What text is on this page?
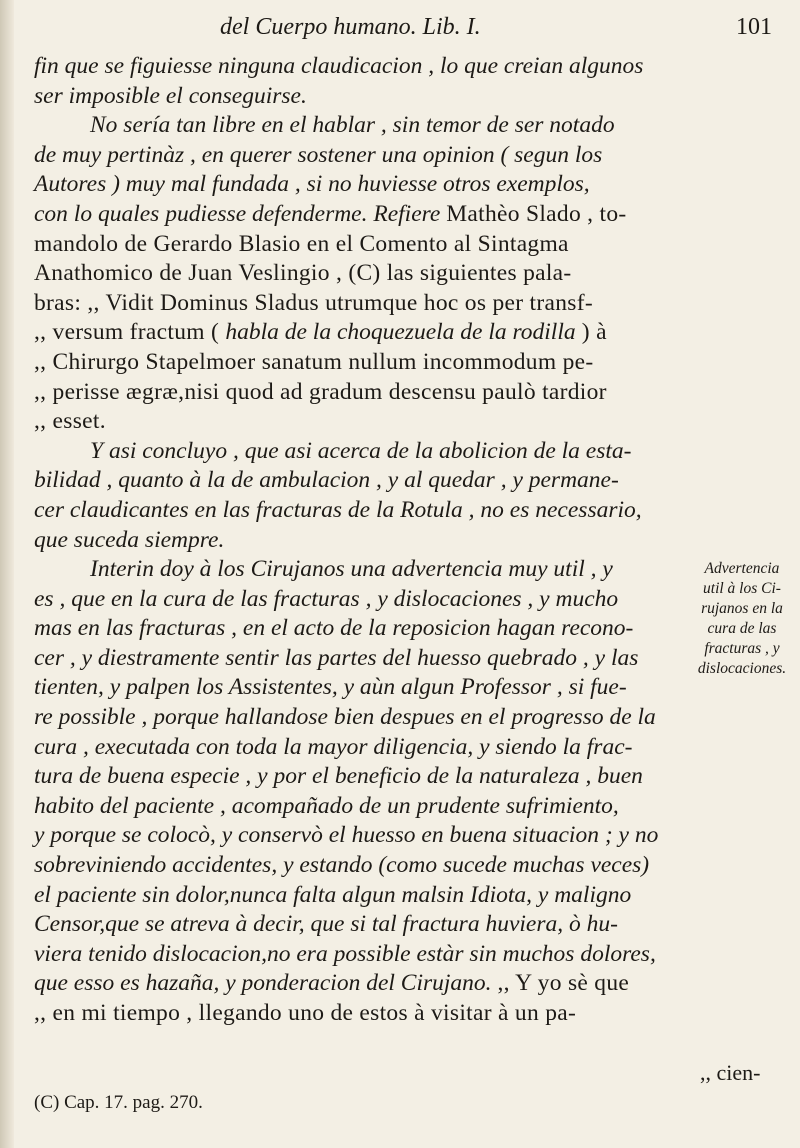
del Cuerpo humano. Lib. I.	101
fin que se figuiesse ninguna claudicacion , lo que creian algunos
ser imposible el conseguirse.
No sería tan libre en el hablar , sin temor de ser notado
de muy pertinàz , en querer sostener una opinion ( segun los
Autores ) muy mal fundada , si no huviesse otros exemplos,
con lo quales pudiesse defenderme. Refiere Mathèo Slado , to-
mandolo de Gerardo Blasio en el Comento al Sintagma
Anathomico de Juan Veslingio , (C) las siguientes pala-
bras: ,, Vidit Dominus Sladus utrumque hoc os per transf-
,, versum fractum ( habla de la choquezuela de la rodilla ) à
,, Chirurgo Stapelmoer sanatum nullum incommodum pe-
,, perisse ægræ,nisi quod ad gradum descensu paulò tardior
,, esset.
Y asi concluyo , que asi acerca de la abolicion de la esta-
bilidad , quanto à la de ambulacion , y al quedar , y permane-
cer claudicantes en las fracturas de la Rotula , no es necessario,
que suceda siempre.
Interin doy à los Cirujanos una advertencia muy util , y
es , que en la cura de las fracturas , y dislocaciones , y mucho
mas en las fracturas , en el acto de la reposicion hagan recono-
cer , y diestramente sentir las partes del huesso quebrado , y las
tienten, y palpen los Assistentes, y aùn algun Professor , si fue-
re possible , porque hallandose bien despues en el progresso de la
cura , executada con toda la mayor diligencia, y siendo la frac-
tura de buena especie , y por el beneficio de la naturaleza , buen
habito del paciente , acompañado de un prudente sufrimiento,
y porque se colocò, y conservò el huesso en buena situacion ; y no
sobreviniendo accidentes, y estando (como sucede muchas veces)
el paciente sin dolor,nunca falta algun malsin Idiota, y maligno
Censor,que se atreva à decir, que si tal fractura huviera, ò hu-
viera tenido dislocacion,no era possible estàr sin muchos dolores,
que esso es hazaña, y ponderacion del Cirujano. ,, Y yo sè que
,, en mi tiempo , llegando uno de estos à visitar à un pa-
Advertencia
util à los Ci-
rujanos en la
cura de las
fracturas , y
dislocaciones.
,, cien-
(C) Cap. 17. pag. 270.
